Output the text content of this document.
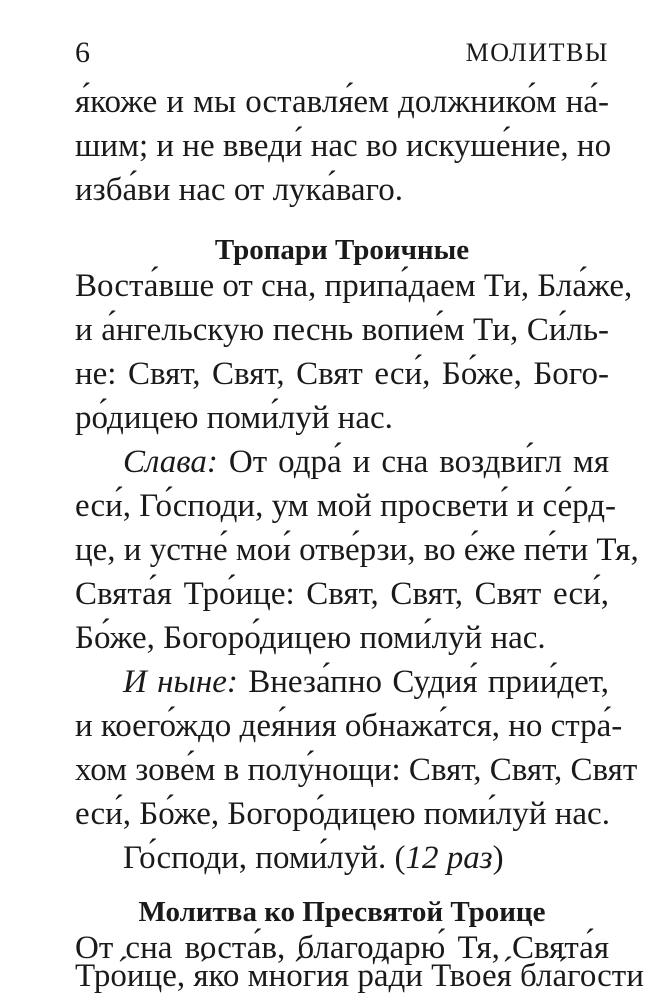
6	МОЛИТВЫ
я́коже и мы оставля́ем должнико́м на́-
шим; и не введи́ нас во искуше́ние, но
изба́ви нас от лука́ваго.
Тропари Троичные
Воста́вше от сна, припа́даем Ти, Бла́же,
и а́нгельскую песнь вопие́м Ти, Си́ль-
не: Свят, Свят, Свят еси́, Бо́же, Бого-
ро́дицею поми́луй нас.
Слава: От одра́ и сна воздви́гл мя
еси́, Го́споди, ум мой просвети́ и се́рд-
це, и устне́ мои́ отве́рзи, во е́же пе́ти Тя,
Свята́я Тро́ице: Свят, Свят, Свят еси́,
Бо́же, Богоро́дицею поми́луй нас.
И ныне: Внеза́пно Судия́ прии́дет,
и коего́ждо дея́ния обнажа́тся, но стра́-
хом зове́м в полу́нощи: Свят, Свят, Свят
еси́, Бо́же, Богоро́дицею поми́луй нас.
Го́споди, поми́луй. (12 раз)
Молитва ко Пресвятой Троице
От сна воста́в, благодарю́ Тя, Свята́я
Тро́ице, я́ко мно́гия ра́ди Твоея́ бла́гости
